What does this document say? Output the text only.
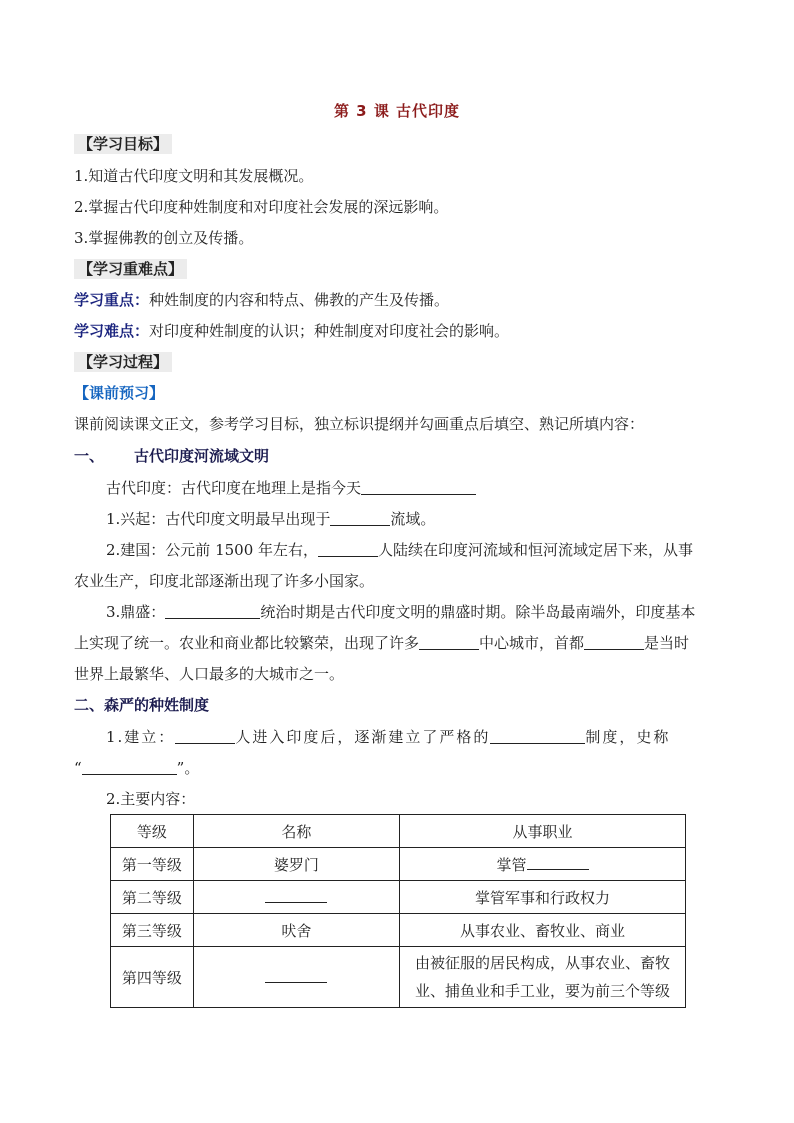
第 3 课 古代印度
【学习目标】
1.知道古代印度文明和其发展概况。
2.掌握古代印度种姓制度和对印度社会发展的深远影响。
3.掌握佛教的创立及传播。
【学习重难点】
学习重点：种姓制度的内容和特点、佛教的产生及传播。
学习难点：对印度种姓制度的认识；种姓制度对印度社会的影响。
【学习过程】
【课前预习】
课前阅读课文正文，参考学习目标，独立标识提纲并勾画重点后填空、熟记所填内容：
一、 古代印度河流域文明
古代印度：古代印度在地理上是指今天
1.兴起：古代印度文明最早出现于	流域。
2.建国：公元前 1500 年左右，	人陆续在印度河流域和恒河流域定居下来，从事
农业生产，印度北部逐渐出现了许多小国家。
3.鼎盛：	统治时期是古代印度文明的鼎盛时期。除半岛最南端外，印度基本
上实现了统一。农业和商业都比较繁荣，出现了许多	中心城市，首都	是当时
世界上最繁华、人口最多的大城市之一。
二、森严的种姓制度
1.建立：	人进入印度后，逐渐建立了严格的	制度，史称
“	”。
2.主要内容：
等级	名称	从事职业
第一等级	婆罗门	掌管
第二等级		掌管军事和行政权力
第三等级	吠舍	从事农业、畜牧业、商业
第四等级		由被征服的居民构成，从事农业、畜牧
业、捕鱼业和手工业，要为前三个等级
